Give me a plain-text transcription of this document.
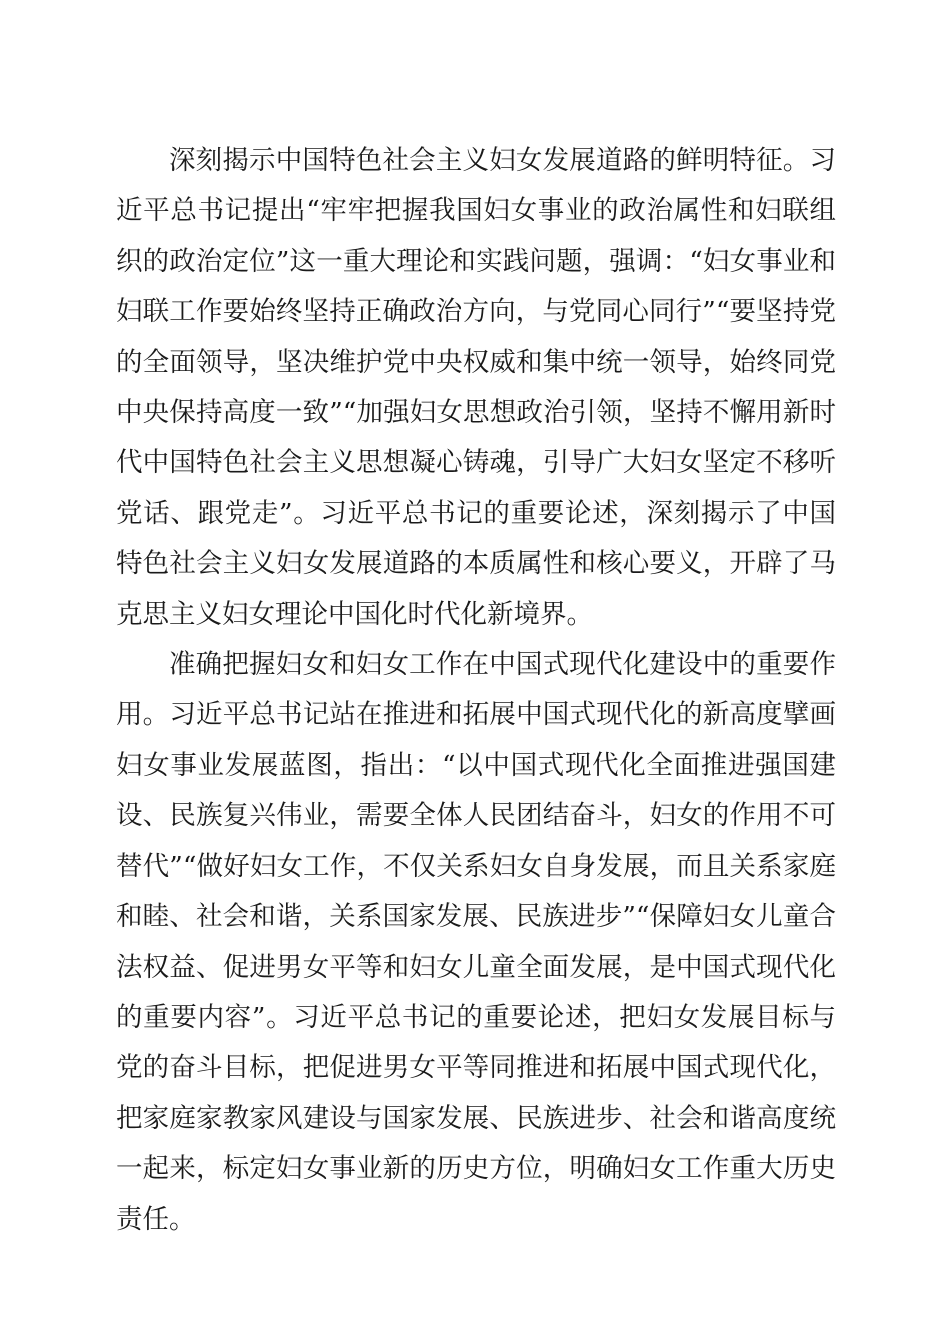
深刻揭示中国特色社会主义妇女发展道路的鲜明特征。习近平总书记提出“牢牢把握我国妇女事业的政治属性和妇联组织的政治定位”这一重大理论和实践问题，强调：“妇女事业和妇联工作要始终坚持正确政治方向，与党同心同行”“要坚持党的全面领导，坚决维护党中央权威和集中统一领导，始终同党中央保持高度一致”“加强妇女思想政治引领，坚持不懈用新时代中国特色社会主义思想凝心铸魂，引导广大妇女坚定不移听党话、跟党走”。习近平总书记的重要论述，深刻揭示了中国特色社会主义妇女发展道路的本质属性和核心要义，开辟了马克思主义妇女理论中国化时代化新境界。

准确把握妇女和妇女工作在中国式现代化建设中的重要作用。习近平总书记站在推进和拓展中国式现代化的新高度擘画妇女事业发展蓝图，指出：“以中国式现代化全面推进强国建设、民族复兴伟业，需要全体人民团结奋斗，妇女的作用不可替代”“做好妇女工作，不仅关系妇女自身发展，而且关系家庭和睦、社会和谐，关系国家发展、民族进步”“保障妇女儿童合法权益、促进男女平等和妇女儿童全面发展，是中国式现代化的重要内容”。习近平总书记的重要论述，把妇女发展目标与党的奋斗目标，把促进男女平等同推进和拓展中国式现代化，把家庭家教家风建设与国家发展、民族进步、社会和谐高度统一起来，标定妇女事业新的历史方位，明确妇女工作重大历史责任。
